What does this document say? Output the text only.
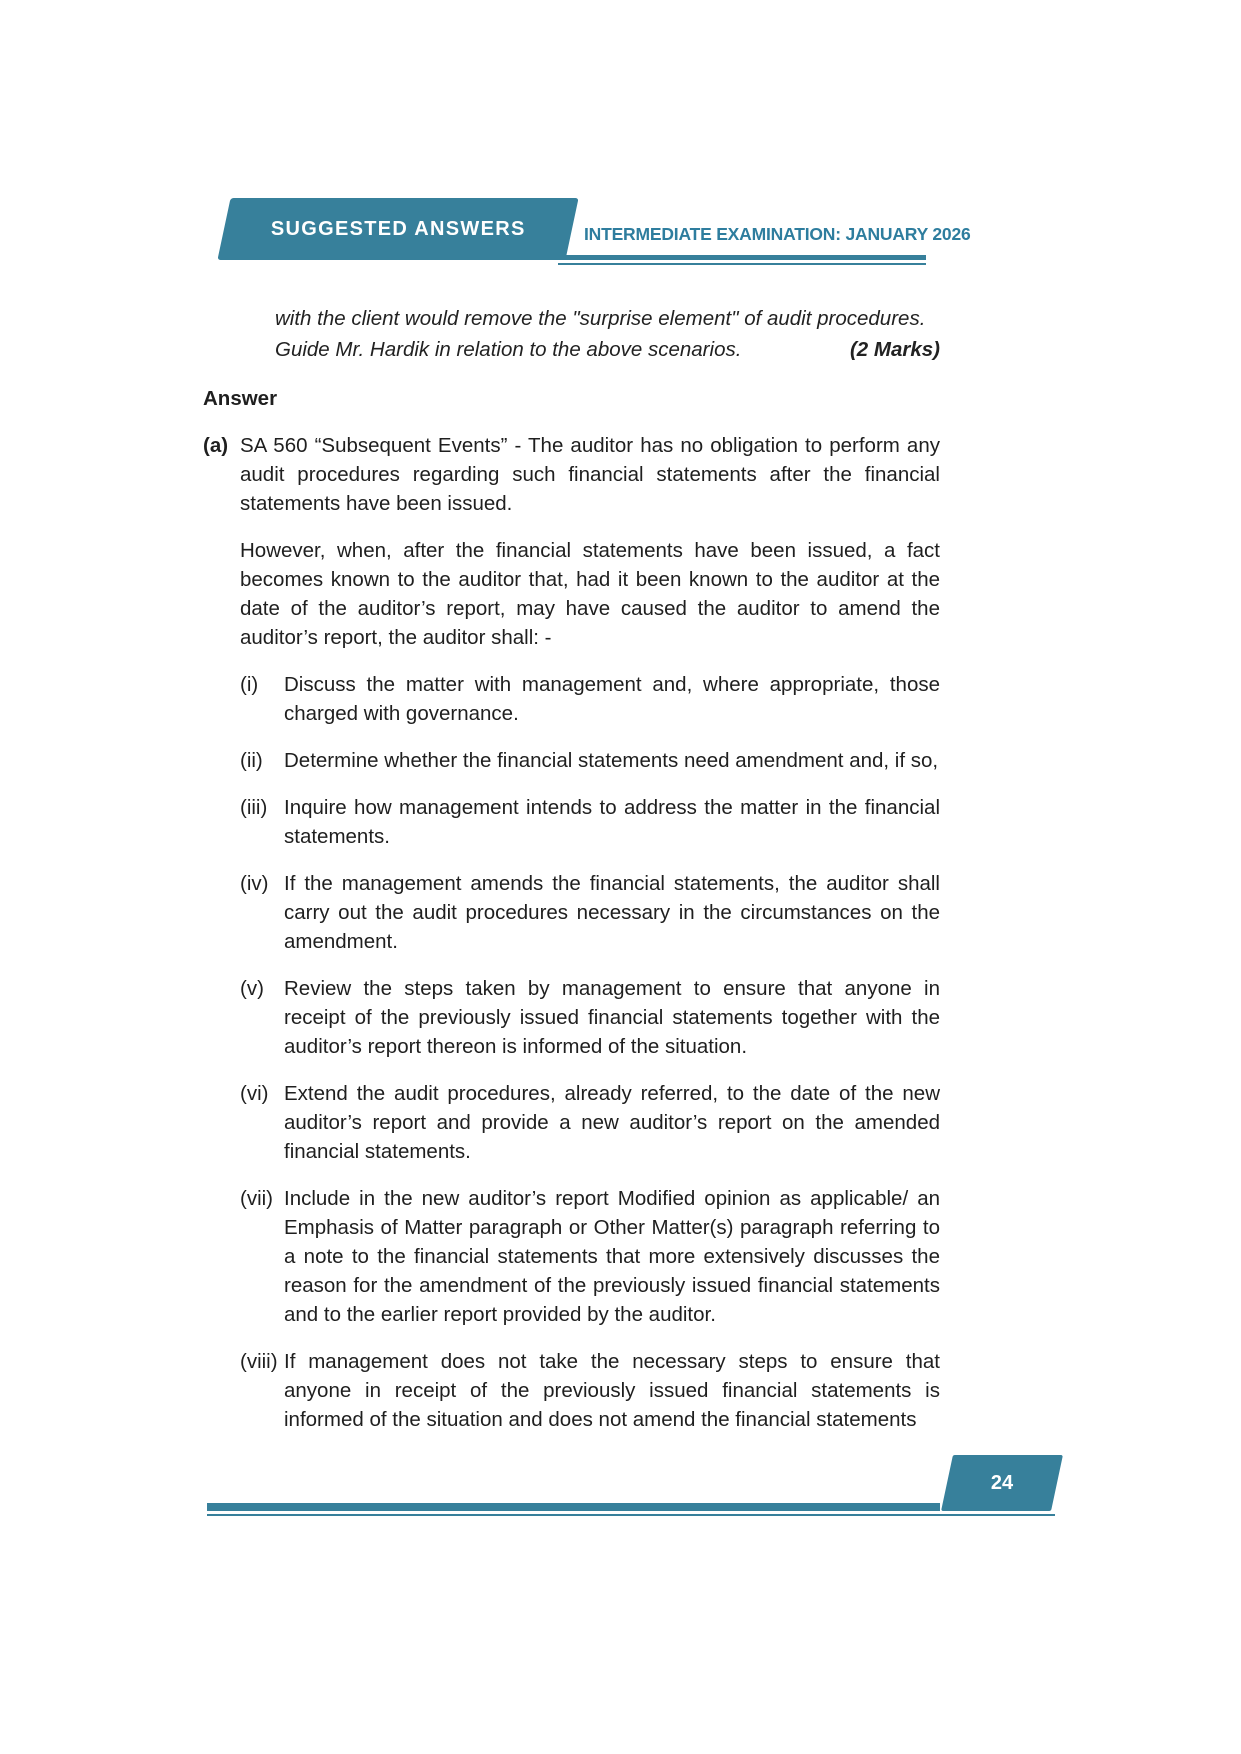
SUGGESTED ANSWERS	INTERMEDIATE EXAMINATION: JANUARY 2026
with the client would remove the "surprise element" of audit procedures.
Guide Mr. Hardik in relation to the above scenarios.	(2 Marks)
Answer
(a) SA 560 “Subsequent Events” - The auditor has no obligation to perform any audit procedures regarding such financial statements after the financial statements have been issued.

However, when, after the financial statements have been issued, a fact becomes known to the auditor that, had it been known to the auditor at the date of the auditor’s report, may have caused the auditor to amend the auditor’s report, the auditor shall: -

(i)	Discuss the matter with management and, where appropriate, those charged with governance.
(ii)	Determine whether the financial statements need amendment and, if so,
(iii) Inquire how management intends to address the matter in the financial statements.
(iv) If the management amends the financial statements, the auditor shall carry out the audit procedures necessary in the circumstances on the amendment.
(v) Review the steps taken by management to ensure that anyone in receipt of the previously issued financial statements together with the auditor’s report thereon is informed of the situation.
(vi) Extend the audit procedures, already referred, to the date of the new auditor’s report and provide a new auditor’s report on the amended financial statements.
(vii) Include in the new auditor’s report Modified opinion as applicable/ an Emphasis of Matter paragraph or Other Matter(s) paragraph referring to a note to the financial statements that more extensively discusses the reason for the amendment of the previously issued financial statements and to the earlier report provided by the auditor.
(viii) If management does not take the necessary steps to ensure that anyone in receipt of the previously issued financial statements is informed of the situation and does not amend the financial statements
24
